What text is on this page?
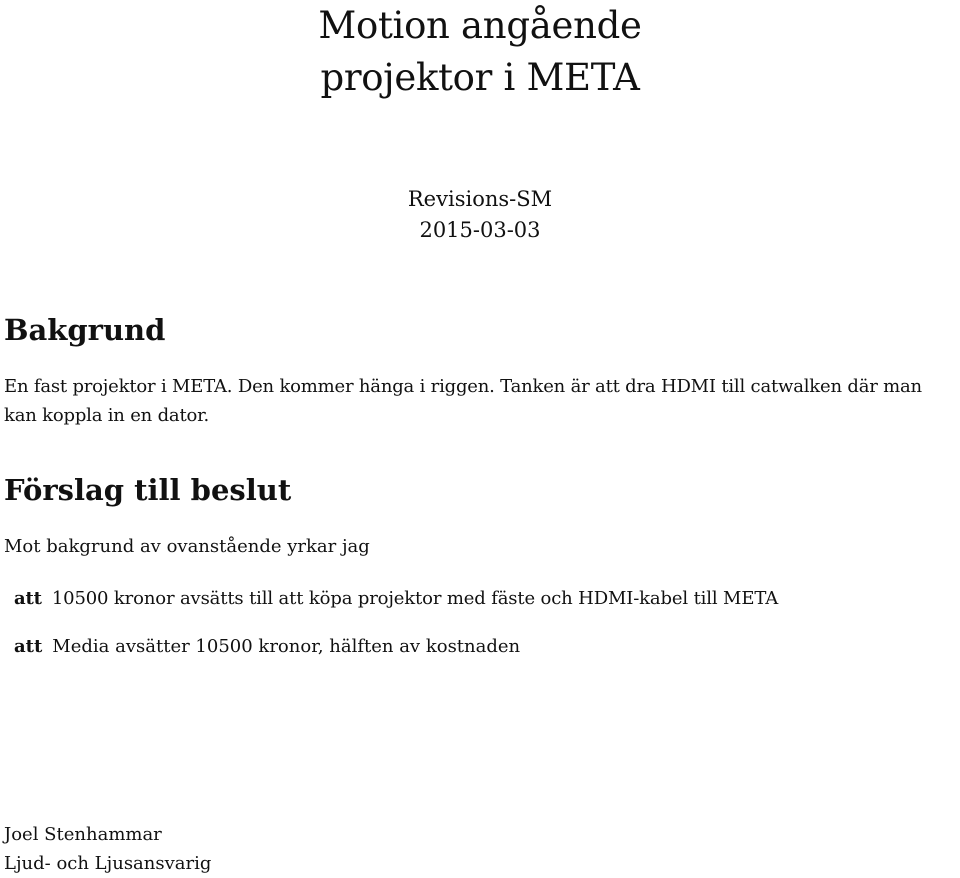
Motion angående
projektor i META
Revisions-SM
2015-03-03
Bakgrund

En fast projektor i META. Den kommer hänga i riggen. Tanken är att dra HDMI till catwalken där man kan koppla in en dator.

Förslag till beslut

Mot bakgrund av ovanstående yrkar jag

att 10500 kronor avsätts till att köpa projektor med fäste och HDMI-kabel till META

att Media avsätter 10500 kronor, hälften av kostnaden

Joel Stenhammar
Ljud- och Ljusansvarig
